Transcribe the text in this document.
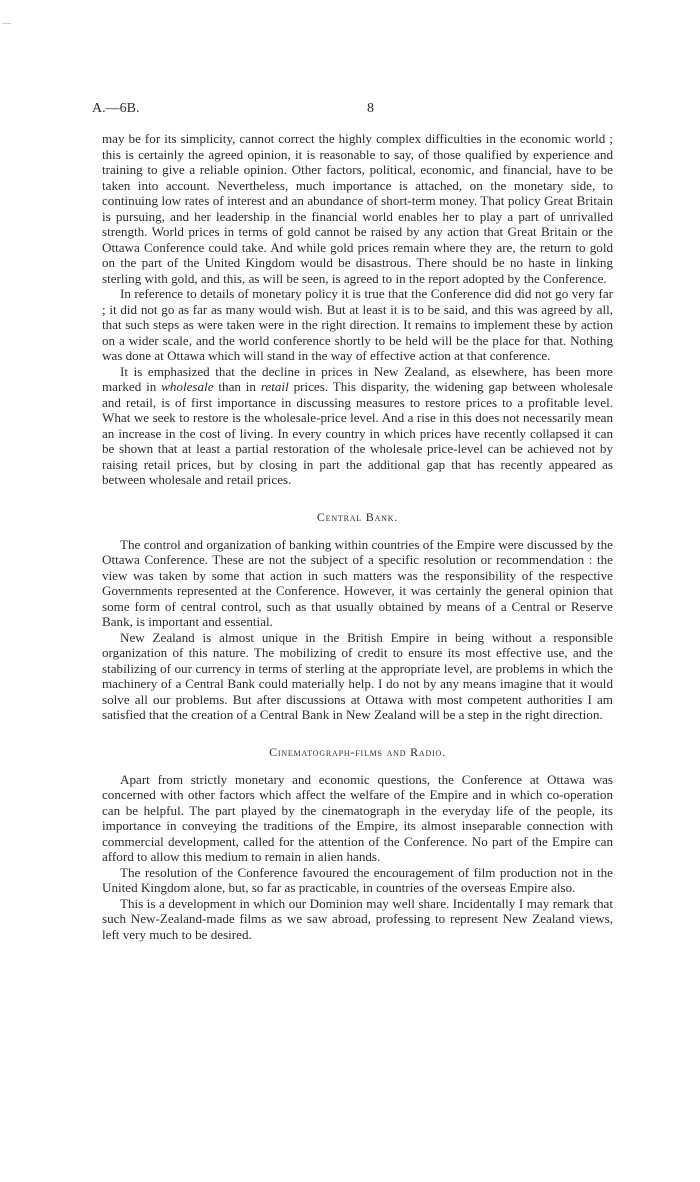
—
A.—6B.	8

may be for its simplicity, cannot correct the highly complex difficulties in the economic world ; this is certainly the agreed opinion, it is reasonable to say, of those qualified by experience and training to give a reliable opinion. Other factors, political, economic, and financial, have to be taken into account. Nevertheless, much importance is attached, on the monetary side, to continuing low rates of interest and an abundance of short-term money. That policy Great Britain is pursuing, and her leadership in the financial world enables her to play a part of unrivalled strength. World prices in terms of gold cannot be raised by any action that Great Britain or the Ottawa Conference could take. And while gold prices remain where they are, the return to gold on the part of the United Kingdom would be disastrous. There should be no haste in linking sterling with gold, and this, as will be seen, is agreed to in the report adopted by the Conference.

In reference to details of monetary policy it is true that the Conference did did not go very far ; it did not go as far as many would wish. But at least it is to be said, and this was agreed by all, that such steps as were taken were in the right direction. It remains to implement these by action on a wider scale, and the world conference shortly to be held will be the place for that. Nothing was done at Ottawa which will stand in the way of effective action at that conference.

It is emphasized that the decline in prices in New Zealand, as elsewhere, has been more marked in wholesale than in retail prices. This disparity, the widening gap between wholesale and retail, is of first importance in discussing measures to restore prices to a profitable level. What we seek to restore is the wholesale-price level. And a rise in this does not necessarily mean an increase in the cost of living. In every country in which prices have recently collapsed it can be shown that at least a partial restoration of the wholesale price-level can be achieved not by raising retail prices, but by closing in part the additional gap that has recently appeared as between wholesale and retail prices.

Central Bank.

The control and organization of banking within countries of the Empire were discussed by the Ottawa Conference. These are not the subject of a specific resolution or recommendation : the view was taken by some that action in such matters was the responsibility of the respective Governments represented at the Conference. However, it was certainly the general opinion that some form of central control, such as that usually obtained by means of a Central or Reserve Bank, is important and essential.

New Zealand is almost unique in the British Empire in being without a responsible organization of this nature. The mobilizing of credit to ensure its most effective use, and the stabilizing of our currency in terms of sterling at the appropriate level, are problems in which the machinery of a Central Bank could materially help. I do not by any means imagine that it would solve all our problems. But after discussions at Ottawa with most competent authorities I am satisfied that the creation of a Central Bank in New Zealand will be a step in the right direction.

Cinematograph-films and Radio.

Apart from strictly monetary and economic questions, the Conference at Ottawa was concerned with other factors which affect the welfare of the Empire and in which co-operation can be helpful. The part played by the cinematograph in the everyday life of the people, its importance in conveying the traditions of the Empire, its almost inseparable connection with commercial development, called for the attention of the Conference. No part of the Empire can afford to allow this medium to remain in alien hands.

The resolution of the Conference favoured the encouragement of film production not in the United Kingdom alone, but, so far as practicable, in countries of the overseas Empire also.

This is a development in which our Dominion may well share. Incidentally I may remark that such New-Zealand-made films as we saw abroad, professing to represent New Zealand views, left very much to be desired.
